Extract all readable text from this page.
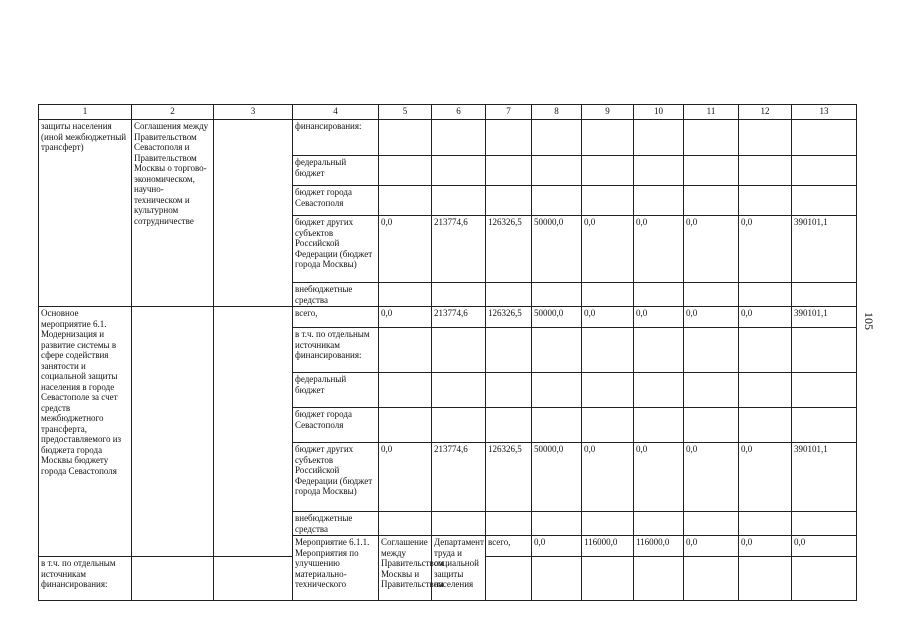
105
1	2	3	4	5	6	7	8	9	10	11	12	13	
защиты населения (иной межбюджетный трансферт)	Соглашения между Правительством Севастополя и Правительством Москвы о торгово-экономическом, научно-техническом и культурном сотрудничестве		финансирования:										
			федеральный бюджет										
			бюджет города Севастополя										
			бюджет других субъектов Российской Федерации (бюджет города Москвы)	0,0	213774,6	126326,5	50000,0	0,0	0,0	0,0	0,0	390101,1	
			внебюджетные средства										
Основное мероприятие 6.1. Модернизация и развитие системы в сфере содействия занятости и социальной защиты населения в городе Севастополе за счет средств межбюджетного трансферта, предоставляемого из бюджета города Москвы бюджету города Севастополя			всего,	0,0	213774,6	126326,5	50000,0	0,0	0,0	0,0	0,0	390101,1	
			в т.ч. по отдельным источникам финансирования:										
			федеральный бюджет										
			бюджет города Севастополя										
			бюджет других субъектов Российской Федерации (бюджет города Москвы)	0,0	213774,6	126326,5	50000,0	0,0	0,0	0,0	0,0	390101,1	
			внебюджетные средства										
			Мероприятие 6.1.1. Мероприятия по улучшению материально-технического	Соглашение между Правительством Москвы и Правительством	Департамент труда и социальной защиты населения	всего,	0,0	116000,0	116000,0	0,0	0,0	0,0			
в т.ч. по отдельным источникам финансирования:													
